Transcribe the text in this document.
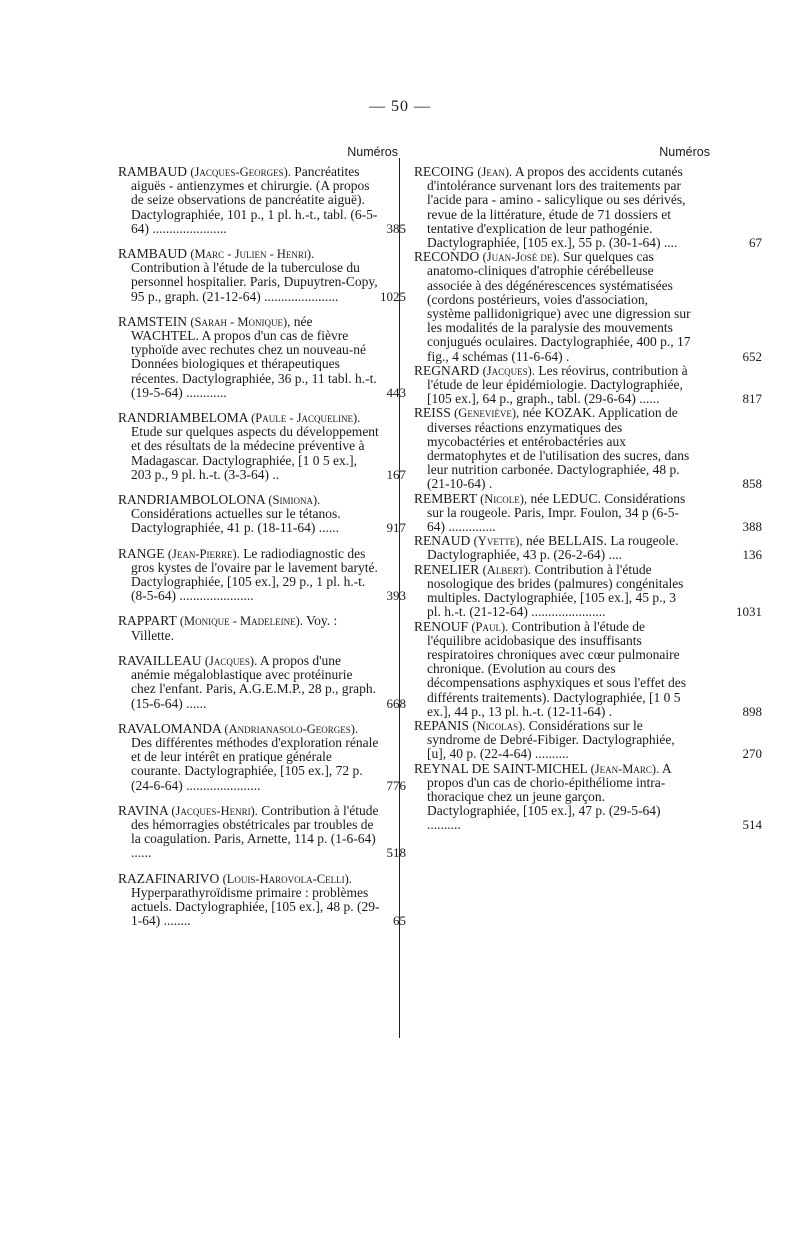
— 50 —
Numéros
RAMBAUD (Jacques-Georges). Pancréatites aiguës - antienzymes et chirurgie. (A propos de seize observations de pancréatite aiguë). Dactylographiée, 101 p., 1 pl. h.-t., tabl. (6-5-64) ......................	385
RAMBAUD (Marc - Julien - Henri). Contribution à l'étude de la tuberculose du personnel hospitalier. Paris, Dupuytren-Copy, 95 p., graph. (21-12-64) ......................	1025
RAMSTEIN (Sarah - Monique), née WACHTEL. A propos d'un cas de fièvre typhoïde avec rechutes chez un nouveau-né Données biologiques et thérapeutiques récentes. Dactylographiée, 36 p., 11 tabl. h.-t. (19-5-64) ............	443
RANDRIAMBELOMA (Paule - Jacqueline). Etude sur quelques aspects du développement et des résultats de la médecine préventive à Madagascar. Dactylographiée, [1 0 5 ex.], 203 p., 9 pl. h.-t. (3-3-64) ..	167
RANDRIAMBOLOLONA (Simiona). Considérations actuelles sur le tétanos. Dactylographiée, 41 p. (18-11-64) ......	917
RANGE (Jean-Pierre). Le radiodiagnostic des gros kystes de l'ovaire par le lavement baryté. Dactylographiée, [105 ex.], 29 p., 1 pl. h.-t. (8-5-64) ......................	393
RAPPART (Monique - Madeleine). Voy. : Villette.
RAVAILLEAU (Jacques). A propos d'une anémie mégaloblastique avec protéinurie chez l'enfant. Paris, A.G.E.M.P., 28 p., graph. (15-6-64) ......	668
RAVALOMANDA (Andrianasolo-Georges). Des différentes méthodes d'exploration rénale et de leur intérêt en pratique générale courante. Dactylographiée, [105 ex.], 72 p. (24-6-64) ......................	776
RAVINA (Jacques-Henri). Contribution à l'étude des hémorragies obstétricales par troubles de la coagulation. Paris, Arnette, 114 p. (1-6-64) ......	518
RAZAFINARIVO (Louis-Harovola-Celli). Hyperparathyroïdisme primaire : problèmes actuels. Dactylographiée, [105 ex.], 48 p. (29-1-64) ........	65
Numéros
RECOING (Jean). A propos des accidents cutanés d'intolérance survenant lors des traitements par l'acide para - amino - salicylique ou ses dérivés, revue de la littérature, étude de 71 dossiers et tentative d'explication de leur pathogénie. Dactylographiée, [105 ex.], 55 p. (30-1-64) ....	67
RECONDO (Juan-José de). Sur quelques cas anatomo-cliniques d'atrophie cérébelleuse associée à des dégénérescences systématisées (cordons postérieurs, voies d'association, système pallidonigrique) avec une digression sur les modalités de la paralysie des mouvements conjugués oculaires. Dactylographiée, 400 p., 17 fig., 4 schémas (11-6-64) .	652
REGNARD (Jacques). Les réovirus, contribution à l'étude de leur épidémiologie. Dactylographiée, [105 ex.], 64 p., graph., tabl. (29-6-64) ......	817
REISS (Geneviève), née KOZAK. Application de diverses réactions enzymatiques des mycobactéries et entérobactéries aux dermatophytes et de l'utilisation des sucres, dans leur nutrition carbonée. Dactylographiée, 48 p. (21-10-64) .	858
REMBERT (Nicole), née LEDUC. Considérations sur la rougeole. Paris, Impr. Foulon, 34 p (6-5-64) ..............	388
RENAUD (Yvette), née BELLAIS. La rougeole. Dactylographiée, 43 p. (26-2-64) ....	136
RENELIER (Albert). Contribution à l'étude nosologique des brides (palmures) congénitales multiples. Dactylographiée, [105 ex.], 45 p., 3 pl. h.-t. (21-12-64) ......................	1031
RENOUF (Paul). Contribution à l'étude de l'équilibre acidobasique des insuffisants respiratoires chroniques avec cœur pulmonaire chronique. (Evolution au cours des décompensations asphyxiques et sous l'effet des différents traitements). Dactylographiée, [1 0 5 ex.], 44 p., 13 pl. h.-t. (12-11-64) .	898
REPANIS (Nicolas). Considérations sur le syndrome de Debré-Fibiger. Dactylographiée, [u], 40 p. (22-4-64) ..........	270
REYNAL DE SAINT-MICHEL (Jean-Marc). A propos d'un cas de chorio-épithéliome intra-thoracique chez un jeune garçon. Dactylographiée, [105 ex.], 47 p. (29-5-64) ..........	514
